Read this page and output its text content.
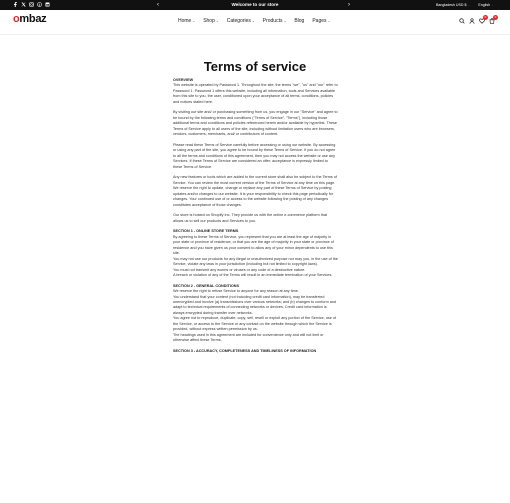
‹	Welcome to our store	›	Bangladesh USD $ ⌄ English ⌄
ombaz	Home ⌄ Shop ⌄ Categories ⌄ Products ⌄ Blog Pages ⌄
0	0
Terms of service

OVERVIEW

This website is operated by Password 1. Throughout the site, the terms "we", "us" and "our" refer to Password 1. Password 1 offers this website, including all information, tools and Services available from this site to you, the user, conditioned upon your acceptance of all terms, conditions, policies and notices stated here.

By visiting our site and/ or purchasing something from us, you engage in our "Service" and agree to be bound by the following terms and conditions ("Terms of Service", "Terms"), including those additional terms and conditions and policies referenced herein and/or available by hyperlink. These Terms of Service apply to all users of the site, including without limitation users who are browsers, vendors, customers, merchants, and/ or contributors of content.

Please read these Terms of Service carefully before accessing or using our website. By accessing or using any part of the site, you agree to be bound by these Terms of Service. If you do not agree to all the terms and conditions of this agreement, then you may not access the website or use any Services. If these Terms of Service are considered an offer, acceptance is expressly limited to these Terms of Service.

Any new features or tools which are added to the current store shall also be subject to the Terms of Service. You can review the most current version of the Terms of Service at any time on this page. We reserve the right to update, change or replace any part of these Terms of Service by posting updates and/or changes to our website. It is your responsibility to check this page periodically for changes. Your continued use of or access to the website following the posting of any changes constitutes acceptance of those changes.

Our store is hosted on Shopify Inc. They provide us with the online e-commerce platform that allows us to sell our products and Services to you.

SECTION 1 - ONLINE STORE TERMS

By agreeing to these Terms of Service, you represent that you are at least the age of majority in your state or province of residence, or that you are the age of majority in your state or province of residence and you have given us your consent to allow any of your minor dependents to use this site.
You may not use our products for any illegal or unauthorized purpose nor may you, in the use of the Service, violate any laws in your jurisdiction (including but not limited to copyright laws).
You must not transmit any worms or viruses or any code of a destructive nature.

A breach or violation of any of the Terms will result in an immediate termination of your Services.

SECTION 2 - GENERAL CONDITIONS

We reserve the right to refuse Service to anyone for any reason at any time.
You understand that your content (not including credit card information), may be transferred unencrypted and involve (a) transmissions over various networks; and (b) changes to conform and adapt to technical requirements of connecting networks or devices. Credit card information is always encrypted during transfer over networks.
You agree not to reproduce, duplicate, copy, sell, resell or exploit any portion of the Service, use of the Service, or access to the Service or any contact on the website through which the Service is provided, without express written permission by us.

The headings used in this agreement are included for convenience only and will not limit or otherwise affect these Terms.

SECTION 3 - ACCURACY, COMPLETENESS AND TIMELINESS OF INFORMATION
